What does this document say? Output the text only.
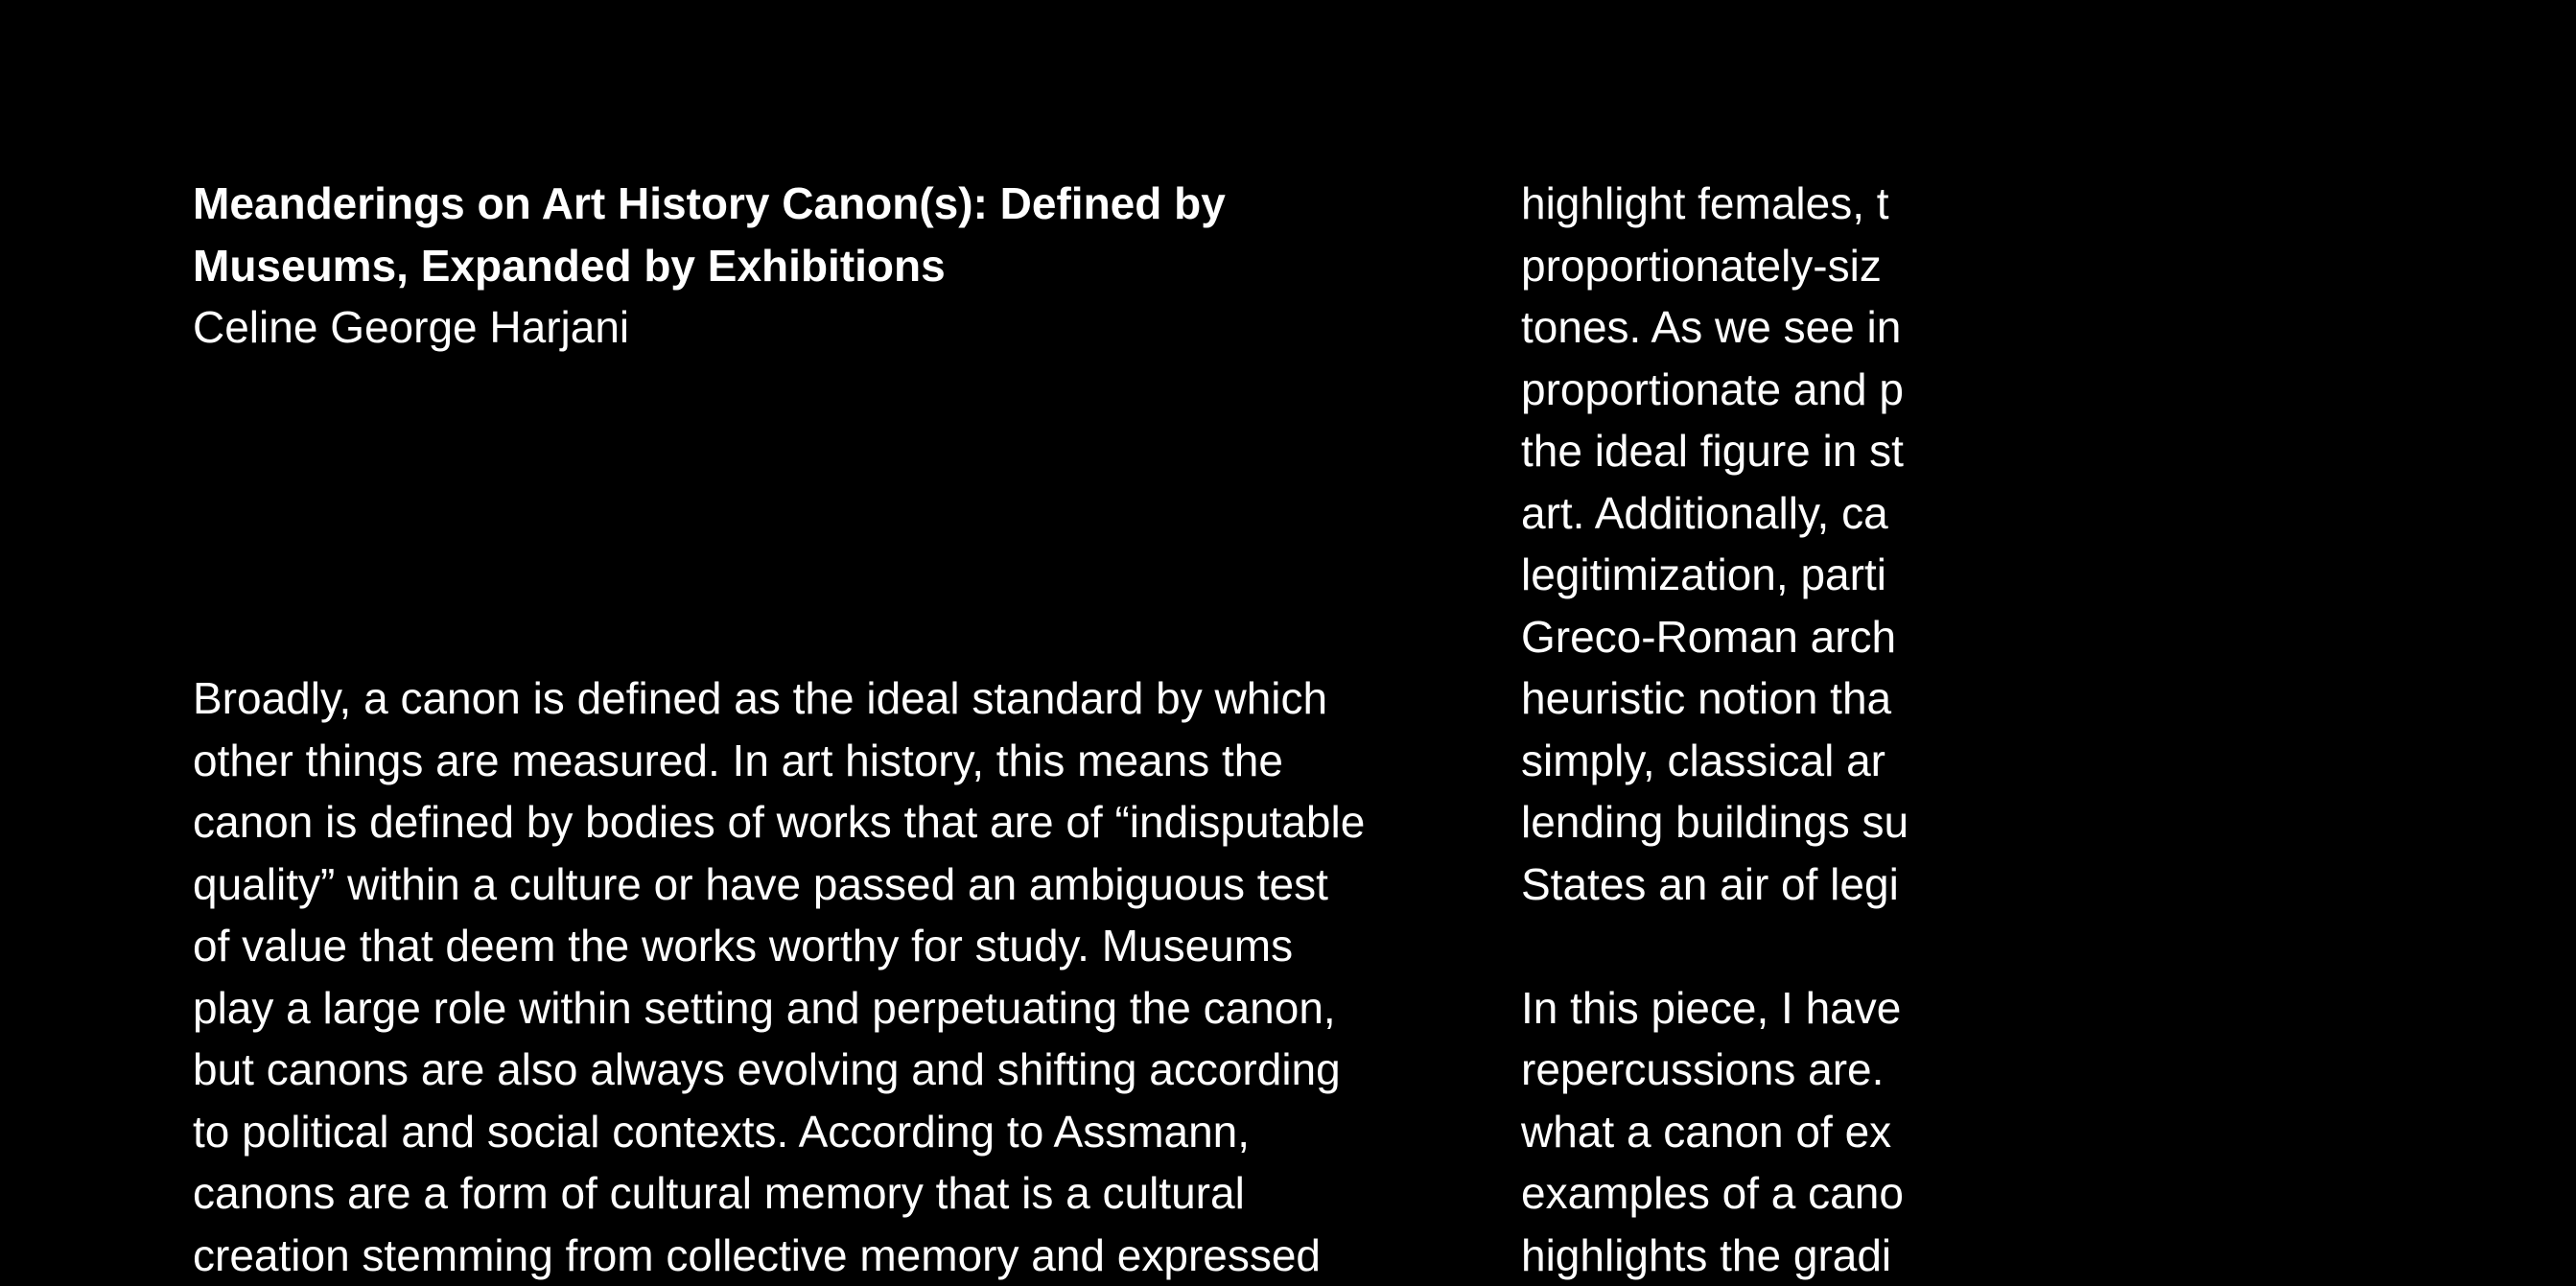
Meanderings on Art History Canon(s): Defined by
Museums, Expanded by Exhibitions
Celine George Harjani
Broadly, a canon is defined as the ideal standard by which
other things are measured. In art history, this means the
canon is defined by bodies of works that are of “indisputable
quality” within a culture or have passed an ambiguous test
of value that deem the works worthy for study. Museums
play a large role within setting and perpetuating the canon,
but canons are also always evolving and shifting according
to political and social contexts. According to Assmann,
canons are a form of cultural memory that is a cultural
creation stemming from collective memory and expressed
highlight females, t
proportionately-siz
tones. As we see in
proportionate and p
the ideal figure in st
art. Additionally, ca
legitimization, parti
Greco-Roman arch
heuristic notion tha
simply, classical ar
lending buildings su
States an air of legi
In this piece, I have
repercussions are.
what a canon of ex
examples of a cano
highlights the gradi
